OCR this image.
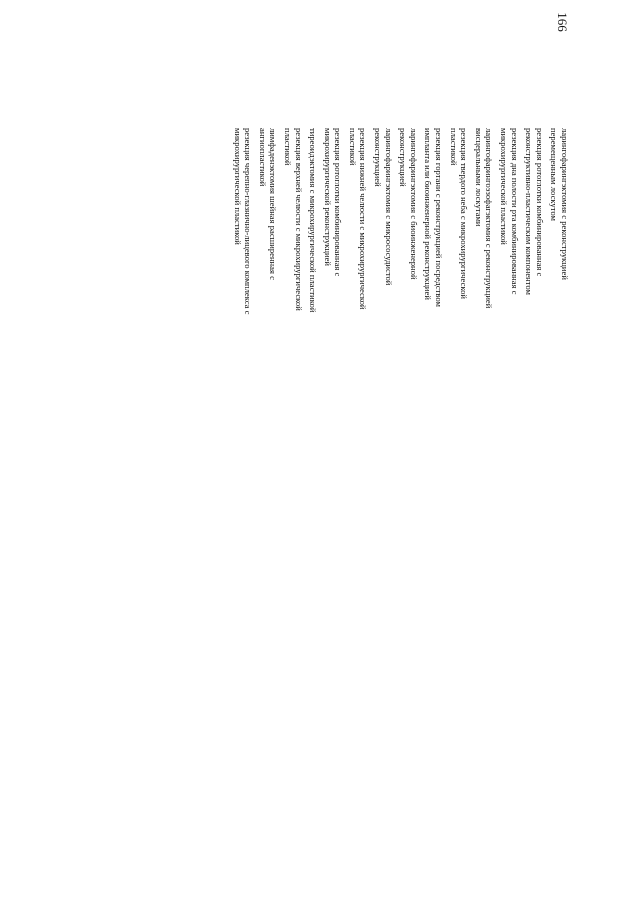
166

ларингофарингэктомия с реконструкцией перемещенным лоскутом

резекция ротоглотки комбинированная с реконструктивно-пластическим компонентом

резекция дна полости рта комбинированная с микрохирургической пластикой

ларингофарингоэзофагэктомия с реконструкцией висцеральными лоскутами

резекция твердого неба с микрохирургической пластикой

резекция гортани с реконструкцией посредством импланта или биоинженерной реконструкцией

ларингофарингэктомия с биоинженерной реконструкцией

ларингофарингэктомия с микрососудистой реконструкцией

резекция нижней челюсти с микрохирургической пластикой

резекция ротоглотки комбинированная с микрохирургической реконструкцией

тиреоидэктомия с микрохирургической пластикой

резекция верхней челюсти с микрохирургической пластикой

лимфаденэктомия шейная расширенная с ангиопластикой

резекция черепно-глазнично-лицевого комплекса с микрохирургической пластикой
